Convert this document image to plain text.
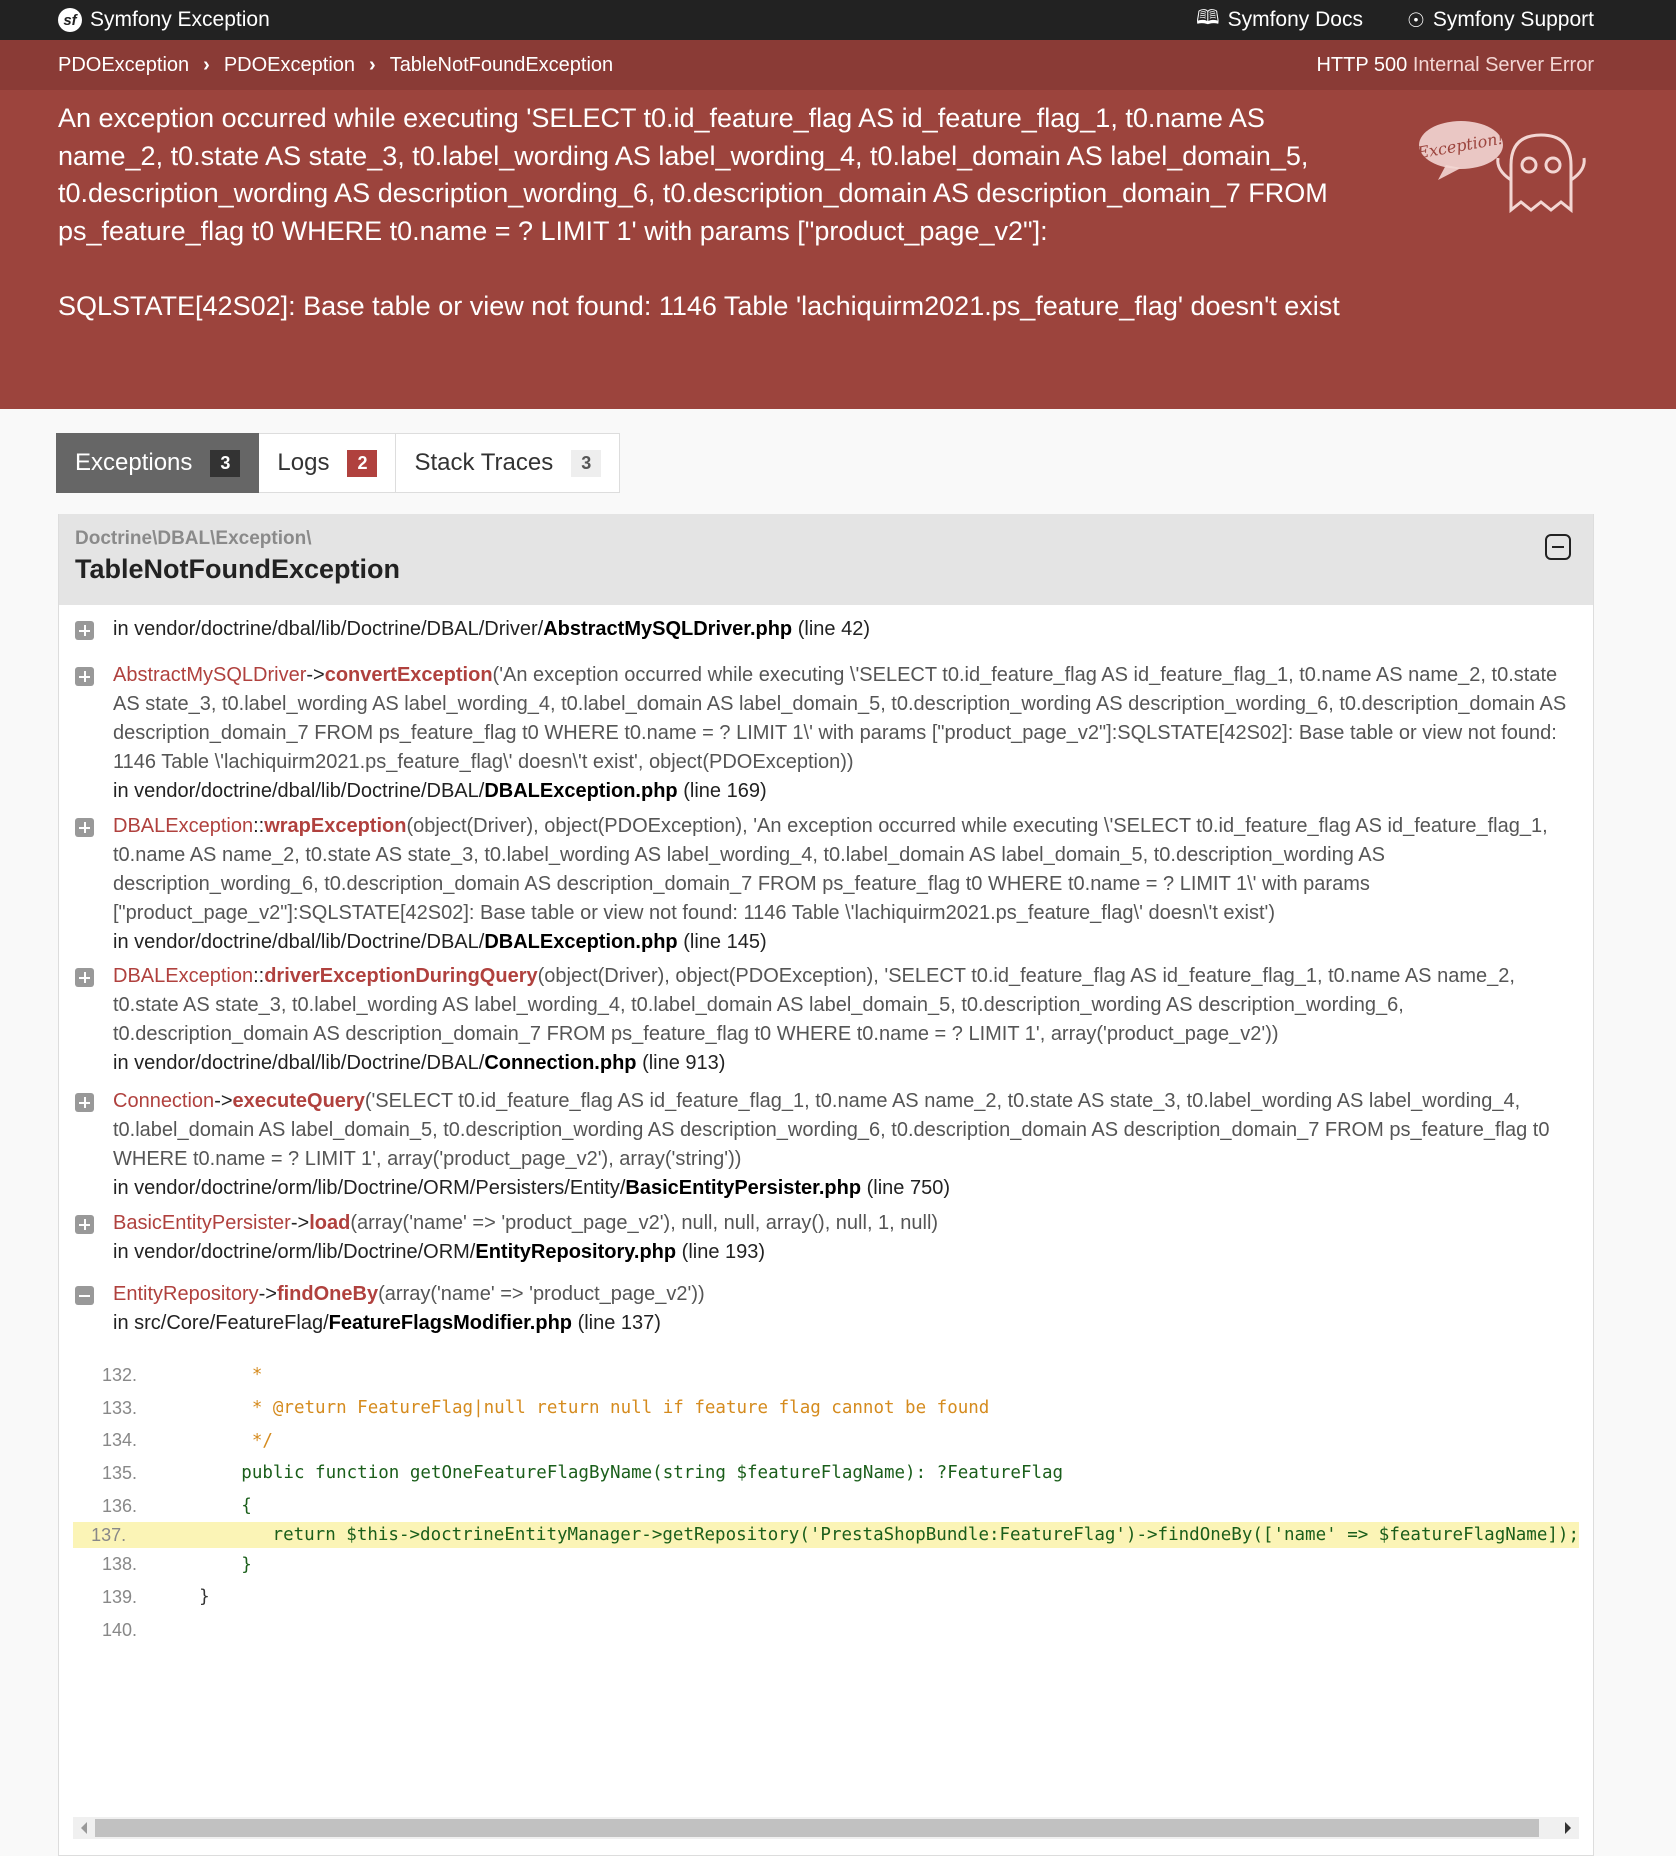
sf Symfony Exception	🕮 Symfony Docs ☉ Symfony Support
PDOException › PDOException › TableNotFoundException	HTTP 500 Internal Server Error

An exception occurred while executing 'SELECT t0.id_feature_flag AS id_feature_flag_1, t0.name AS name_2, t0.state AS state_3, t0.label_wording AS label_wording_4, t0.label_domain AS label_domain_5, t0.description_wording AS description_wording_6, t0.description_domain AS description_domain_7 FROM ps_feature_flag t0 WHERE t0.name = ? LIMIT 1' with params ["product_page_v2"]:

SQLSTATE[42S02]: Base table or view not found: 1146 Table 'lachiquirm2021.ps_feature_flag' doesn't exist

Exception!
Exceptions	3	Logs	2	Stack Traces	3
Doctrine\DBAL\Exception\
TableNotFoundException
in vendor/doctrine/dbal/lib/Doctrine/DBAL/Driver/AbstractMySQLDriver.php (line 42)
AbstractMySQLDriver->convertException('An exception occurred while executing \'SELECT t0.id_feature_flag AS id_feature_flag_1, t0.name AS name_2, t0.state AS state_3, t0.label_wording AS label_wording_4, t0.label_domain AS label_domain_5, t0.description_wording AS description_wording_6, t0.description_domain AS description_domain_7 FROM ps_feature_flag t0 WHERE t0.name = ? LIMIT 1\' with params ["product_page_v2"]:SQLSTATE[42S02]: Base table or view not found: 1146 Table \'lachiquirm2021.ps_feature_flag\' doesn\'t exist', object(PDOException))
in vendor/doctrine/dbal/lib/Doctrine/DBAL/DBALException.php (line 169)
DBALException::wrapException(object(Driver), object(PDOException), 'An exception occurred while executing \'SELECT t0.id_feature_flag AS id_feature_flag_1, t0.name AS name_2, t0.state AS state_3, t0.label_wording AS label_wording_4, t0.label_domain AS label_domain_5, t0.description_wording AS description_wording_6, t0.description_domain AS description_domain_7 FROM ps_feature_flag t0 WHERE t0.name = ? LIMIT 1\' with params ["product_page_v2"]:SQLSTATE[42S02]: Base table or view not found: 1146 Table \'lachiquirm2021.ps_feature_flag\' doesn\'t exist')
in vendor/doctrine/dbal/lib/Doctrine/DBAL/DBALException.php (line 145)
DBALException::driverExceptionDuringQuery(object(Driver), object(PDOException), 'SELECT t0.id_feature_flag AS id_feature_flag_1, t0.name AS name_2, t0.state AS state_3, t0.label_wording AS label_wording_4, t0.label_domain AS label_domain_5, t0.description_wording AS description_wording_6, t0.description_domain AS description_domain_7 FROM ps_feature_flag t0 WHERE t0.name = ? LIMIT 1', array('product_page_v2'))
in vendor/doctrine/dbal/lib/Doctrine/DBAL/Connection.php (line 913)
Connection->executeQuery('SELECT t0.id_feature_flag AS id_feature_flag_1, t0.name AS name_2, t0.state AS state_3, t0.label_wording AS label_wording_4, t0.label_domain AS label_domain_5, t0.description_wording AS description_wording_6, t0.description_domain AS description_domain_7 FROM ps_feature_flag t0 WHERE t0.name = ? LIMIT 1', array('product_page_v2'), array('string'))
in vendor/doctrine/orm/lib/Doctrine/ORM/Persisters/Entity/BasicEntityPersister.php (line 750)
BasicEntityPersister->load(array('name' => 'product_page_v2'), null, null, array(), null, 1, null)
in vendor/doctrine/orm/lib/Doctrine/ORM/EntityRepository.php (line 193)
EntityRepository->findOneBy(array('name' => 'product_page_v2'))
in src/Core/FeatureFlag/FeatureFlagsModifier.php (line 137)
132.	*
133.	* @return FeatureFlag|null return null if feature flag cannot be found
134.	*/
135.	public function getOneFeatureFlagByName(string $featureFlagName): ?FeatureFlag
136.	{
137.	return $this->doctrineEntityManager->getRepository('PrestaShopBundle:FeatureFlag')->findOneBy(['name' => $featureFlagName]);
138.	}
139.	}
140.
